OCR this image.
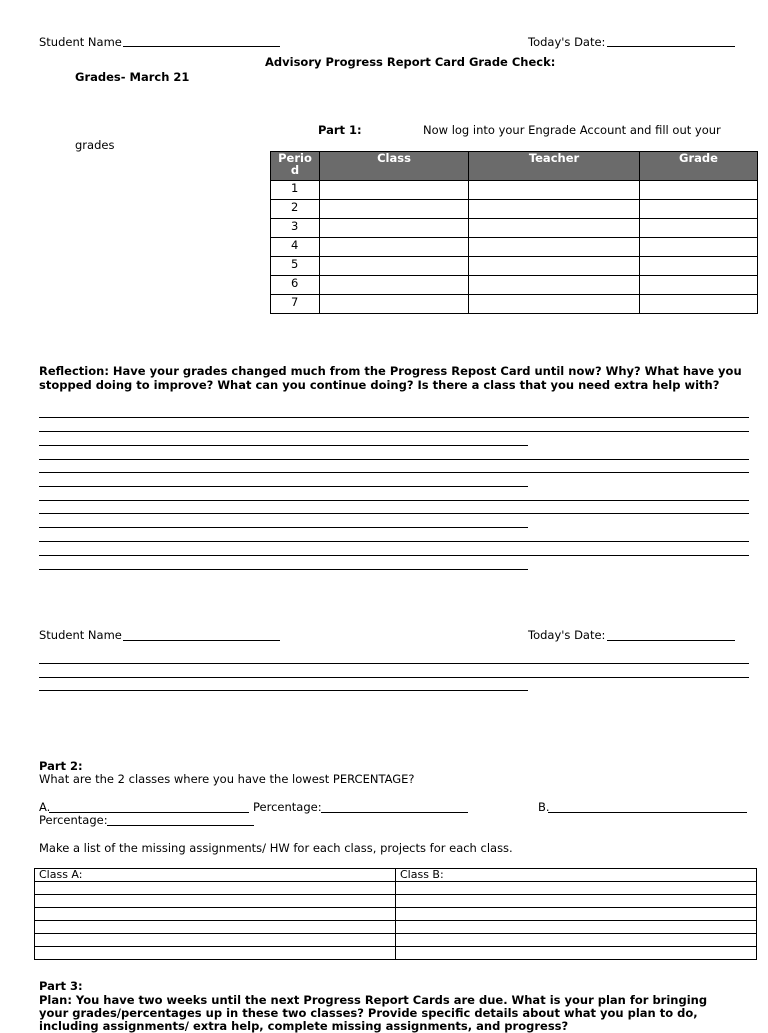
Student Name	Today's Date:
Advisory Progress Report Card Grade Check:
Grades- March 21
Part 1:	Now log into your Engrade Account and fill out your
grades
Period	Class	Teacher	Grade
1			
2			
3			
4			
5			
6			
7			
Reflection: Have your grades changed much from the Progress Repost Card until now? Why? What have you stopped doing to improve? What can you continue doing? Is there a class that you need extra help with?
Student Name	Today's Date:
Part 2:
What are the 2 classes where you have the lowest PERCENTAGE?
A.	Percentage:	B.
Percentage:
Make a list of the missing assignments/ HW for each class, projects for each class.
Class A:	Class B:

Part 3:
Plan: You have two weeks until the next Progress Report Cards are due. What is your plan for bringing
your grades/percentages up in these two classes? Provide specific details about what you plan to do,
including assignments/ extra help, complete missing assignments, and progress?
